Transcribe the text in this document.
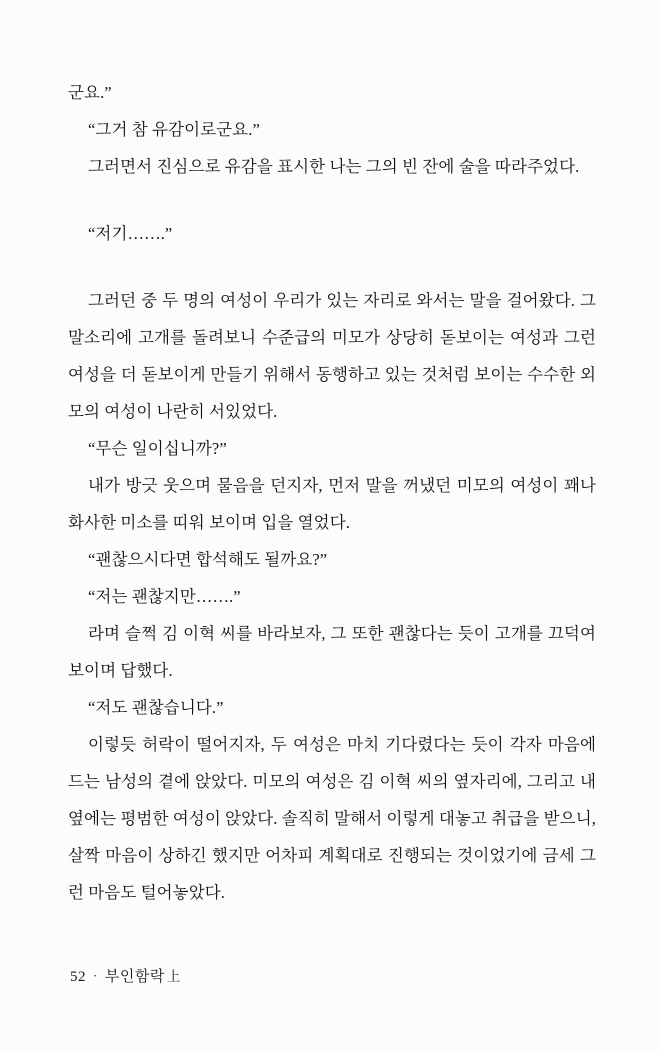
군요.”

“그거 참 유감이로군요.”

그러면서 진심으로 유감을 표시한 나는 그의 빈 잔에 술을 따라주었다.

“저기…….”

그러던 중 두 명의 여성이 우리가 있는 자리로 와서는 말을 걸어왔다. 그 말소리에 고개를 돌려보니 수준급의 미모가 상당히 돋보이는 여성과 그런 여성을 더 돋보이게 만들기 위해서 동행하고 있는 것처럼 보이는 수수한 외모의 여성이 나란히 서있었다.

“무슨 일이십니까?”

내가 방긋 웃으며 물음을 던지자, 먼저 말을 꺼냈던 미모의 여성이 꽤나 화사한 미소를 띠워 보이며 입을 열었다.

“괜찮으시다면 합석해도 될까요?”

“저는 괜찮지만…….”

라며 슬쩍 김 이혁 씨를 바라보자, 그 또한 괜찮다는 듯이 고개를 끄덕여 보이며 답했다.

“저도 괜찮습니다.”

이렇듯 허락이 떨어지자, 두 여성은 마치 기다렸다는 듯이 각자 마음에 드는 남성의 곁에 앉았다. 미모의 여성은 김 이혁 씨의 옆자리에, 그리고 내 옆에는 평범한 여성이 앉았다. 솔직히 말해서 이렇게 대놓고 취급을 받으니, 살짝 마음이 상하긴 했지만 어차피 계획대로 진행되는 것이었기에 금세 그런 마음도 털어놓았다.

52 · 부인함락 上
